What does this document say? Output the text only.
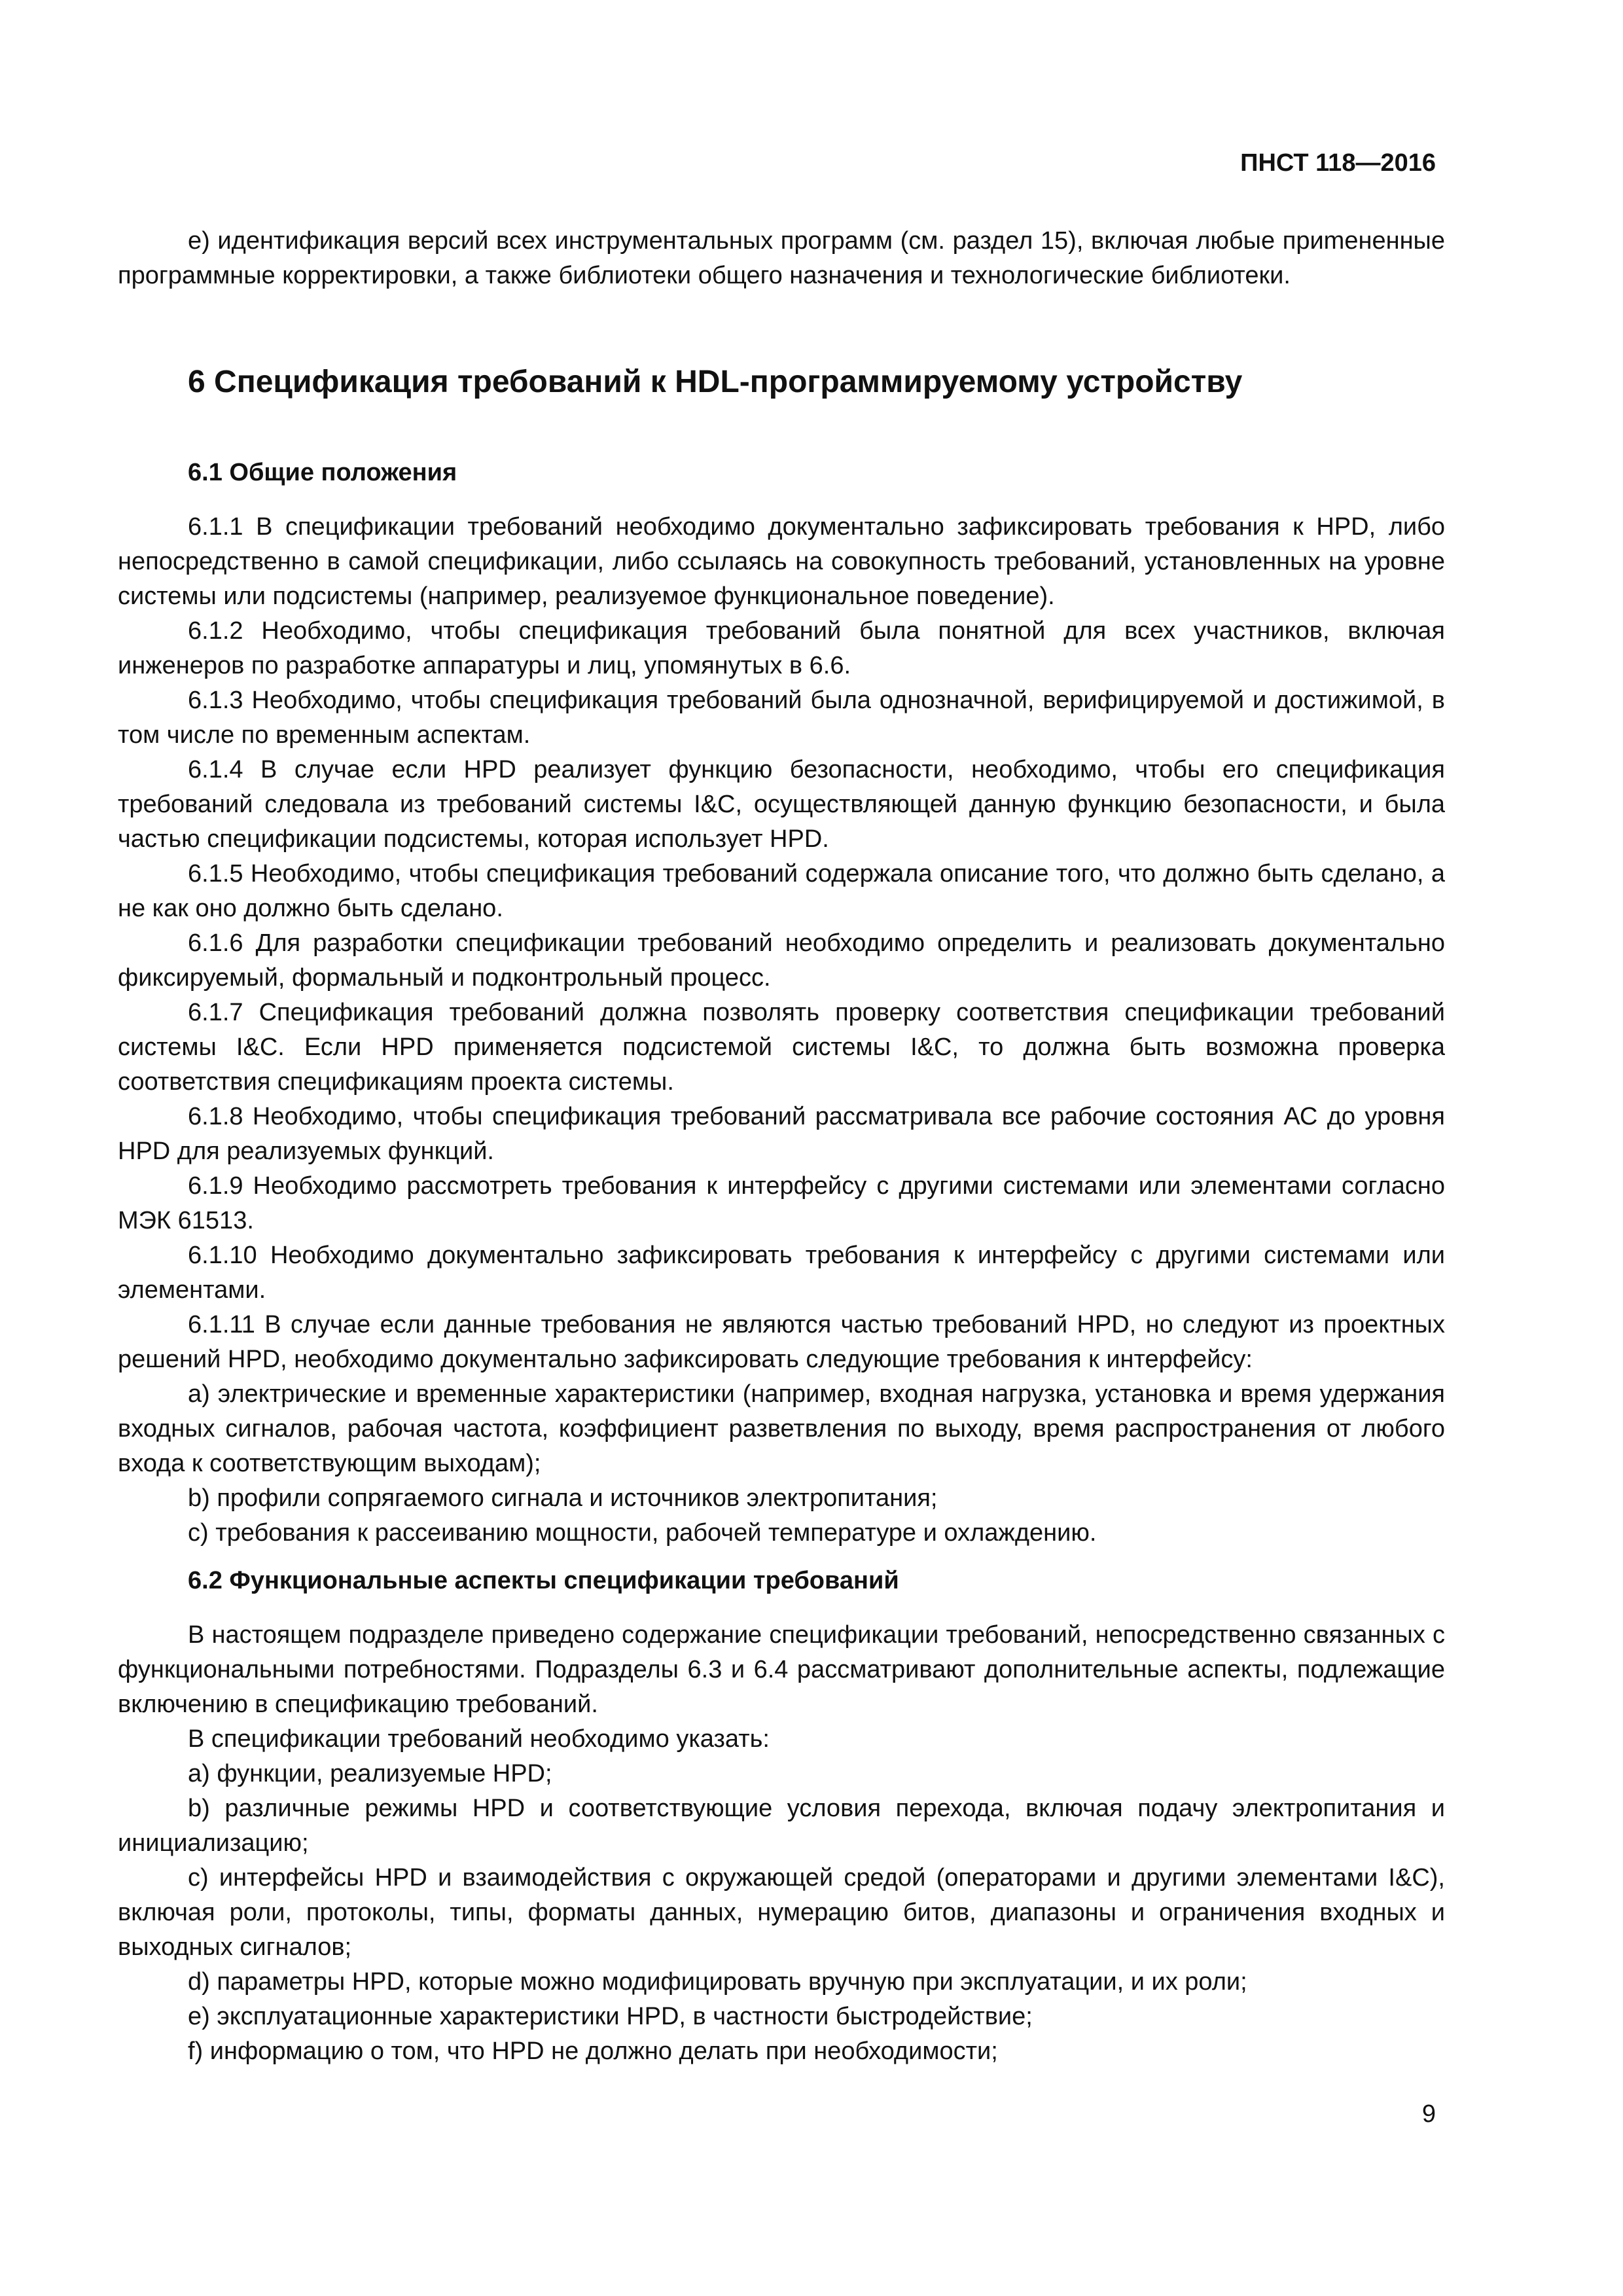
ПНСТ 118—2016

е) идентификация версий всех инструментальных программ (см. раздел 15), включая любые приmененные программные корректировки, а также библиотеки общего назначения и технологические библиотеки.

6 Спецификация требований к HDL-программируемому устройству
6.1 Общие положения

6.1.1 В спецификации требований необходимо документально зафиксировать требования к HPD, либо непосредственно в самой спецификации, либо ссылаясь на совокупность требований, установленных на уровне системы или подсистемы (например, реализуемое функциональное поведение).

6.1.2 Необходимо, чтобы спецификация требований была понятной для всех участников, включая инженеров по разработке аппаратуры и лиц, упомянутых в 6.6.

6.1.3 Необходимо, чтобы спецификация требований была однозначной, верифицируемой и достижимой, в том числе по временным аспектам.

6.1.4 В случае если HPD реализует функцию безопасности, необходимо, чтобы его спецификация требований следовала из требований системы I&C, осуществляющей данную функцию безопасности, и была частью спецификации подсистемы, которая использует HPD.

6.1.5 Необходимо, чтобы спецификация требований содержала описание того, что должно быть сделано, а не как оно должно быть сделано.

6.1.6 Для разработки спецификации требований необходимо определить и реализовать документально фиксируемый, формальный и подконтрольный процесс.

6.1.7 Спецификация требований должна позволять проверку соответствия спецификации требований системы I&C. Если HPD применяется подсистемой системы I&C, то должна быть возможна проверка соответствия спецификациям проекта системы.

6.1.8 Необходимо, чтобы спецификация требований рассматривала все рабочие состояния АС до уровня HPD для реализуемых функций.

6.1.9 Необходимо рассмотреть требования к интерфейсу с другими системами или элементами согласно МЭК 61513.

6.1.10 Необходимо документально зафиксировать требования к интерфейсу с другими системами или элементами.

6.1.11 В случае если данные требования не являются частью требований HPD, но следуют из проектных решений HPD, необходимо документально зафиксировать следующие требования к интерфейсу:

a) электрические и временные характеристики (например, входная нагрузка, установка и время удержания входных сигналов, рабочая частота, коэффициент разветвления по выходу, время распространения от любого входа к соответствующим выходам);

b) профили сопрягаемого сигнала и источников электропитания;

c) требования к рассеиванию мощности, рабочей температуре и охлаждению.

6.2 Функциональные аспекты спецификации требований

В настоящем подразделе приведено содержание спецификации требований, непосредственно связанных с функциональными потребностями. Подразделы 6.3 и 6.4 рассматривают дополнительные аспекты, подлежащие включению в спецификацию требований.

В спецификации требований необходимо указать:

a) функции, реализуемые HPD;

b) различные режимы HPD и соответствующие условия перехода, включая подачу электропитания и инициализацию;

c) интерфейсы HPD и взаимодействия с окружающей средой (операторами и другими элементами I&C), включая роли, протоколы, типы, форматы данных, нумерацию битов, диапазоны и ограничения входных и выходных сигналов;

d) параметры HPD, которые можно модифицировать вручную при эксплуатации, и их роли;

e) эксплуатационные характеристики HPD, в частности быстродействие;

f) информацию о том, что HPD не должно делать при необходимости;

9
